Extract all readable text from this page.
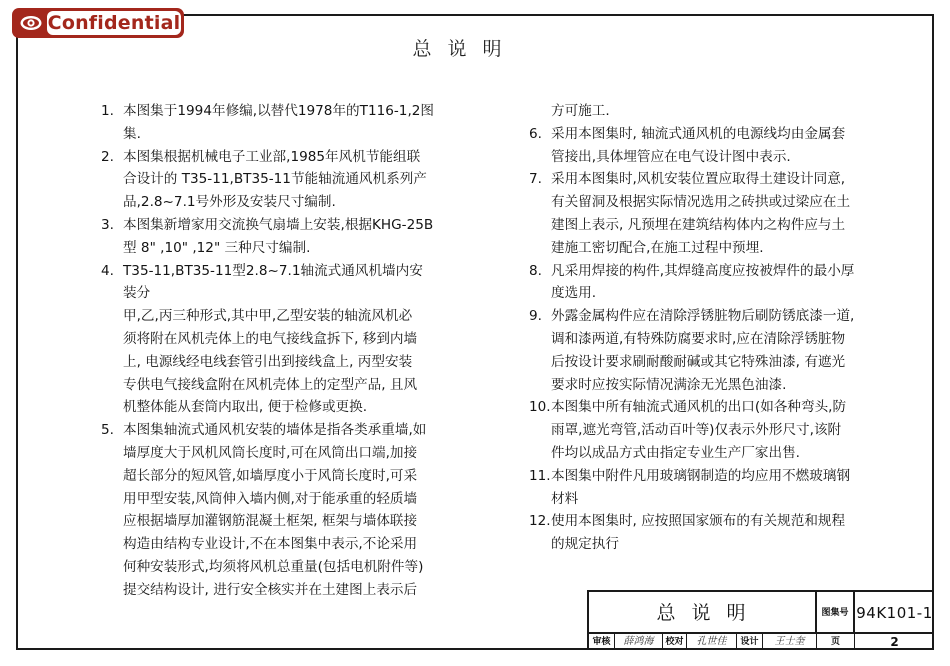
Confidential
总说明
1. 本图集于1994年修编,以替代1978年的T116-1,2图集.
2. 本图集根据机械电子工业部,1985年风机节能组联
合设计的 T35-11,BT35-11节能轴流通风机系列产
品,2.8~7.1号外形及安装尺寸编制.
3. 本图集新增家用交流换气扇墙上安装,根据KHG-25B
型 8" ,10" ,12" 三种尺寸编制.
4. T35-11,BT35-11型2.8~7.1轴流式通风机墙内安装分
甲,乙,丙三种形式,其中甲,乙型安装的轴流风机必
须将附在风机壳体上的电气接线盒拆下, 移到内墙
上, 电源线经电线套管引出到接线盒上, 丙型安装
专供电气接线盒附在风机壳体上的定型产品, 且风
机整体能从套筒内取出, 便于检修或更换.
5. 本图集轴流式通风机安装的墙体是指各类承重墙,如
墙厚度大于风机风筒长度时,可在风筒出口端,加接
超长部分的短风管,如墙厚度小于风筒长度时,可采
用甲型安装,风筒伸入墙内侧,对于能承重的轻质墙
应根据墙厚加灌钢筋混凝土框架, 框架与墙体联接
构造由结构专业设计,不在本图集中表示,不论采用
何种安装形式,均须将风机总重量(包括电机附件等)
提交结构设计, 进行安全核实并在土建图上表示后
方可施工.
6. 采用本图集时, 轴流式通风机的电源线均由金属套
管接出,具体埋管应在电气设计图中表示.
7. 采用本图集时,风机安装位置应取得土建设计同意,
有关留洞及根据实际情况选用之砖拱或过梁应在土
建图上表示, 凡预埋在建筑结构体内之构件应与土
建施工密切配合,在施工过程中预埋.
8. 凡采用焊接的构件,其焊缝高度应按被焊件的最小厚
度选用.
9. 外露金属构件应在清除浮锈脏物后刷防锈底漆一道,
调和漆两道,有特殊防腐要求时,应在清除浮锈脏物
后按设计要求刷耐酸耐碱或其它特殊油漆, 有遮光
要求时应按实际情况满涂无光黑色油漆.
10. 本图集中所有轴流式通风机的出口(如各种弯头,防
雨罩,遮光弯管,活动百叶等)仅表示外形尺寸,该附
件均以成品方式由指定专业生产厂家出售.
11. 本图集中附件凡用玻璃钢制造的均应用不燃玻璃钢
材料
12. 使用本图集时, 应按照国家颁布的有关规范和规程
的规定执行
总说明	图集号 94K101-1
审核	薛鸿海	校对	孔世佳	设计	王士奎	页	2
